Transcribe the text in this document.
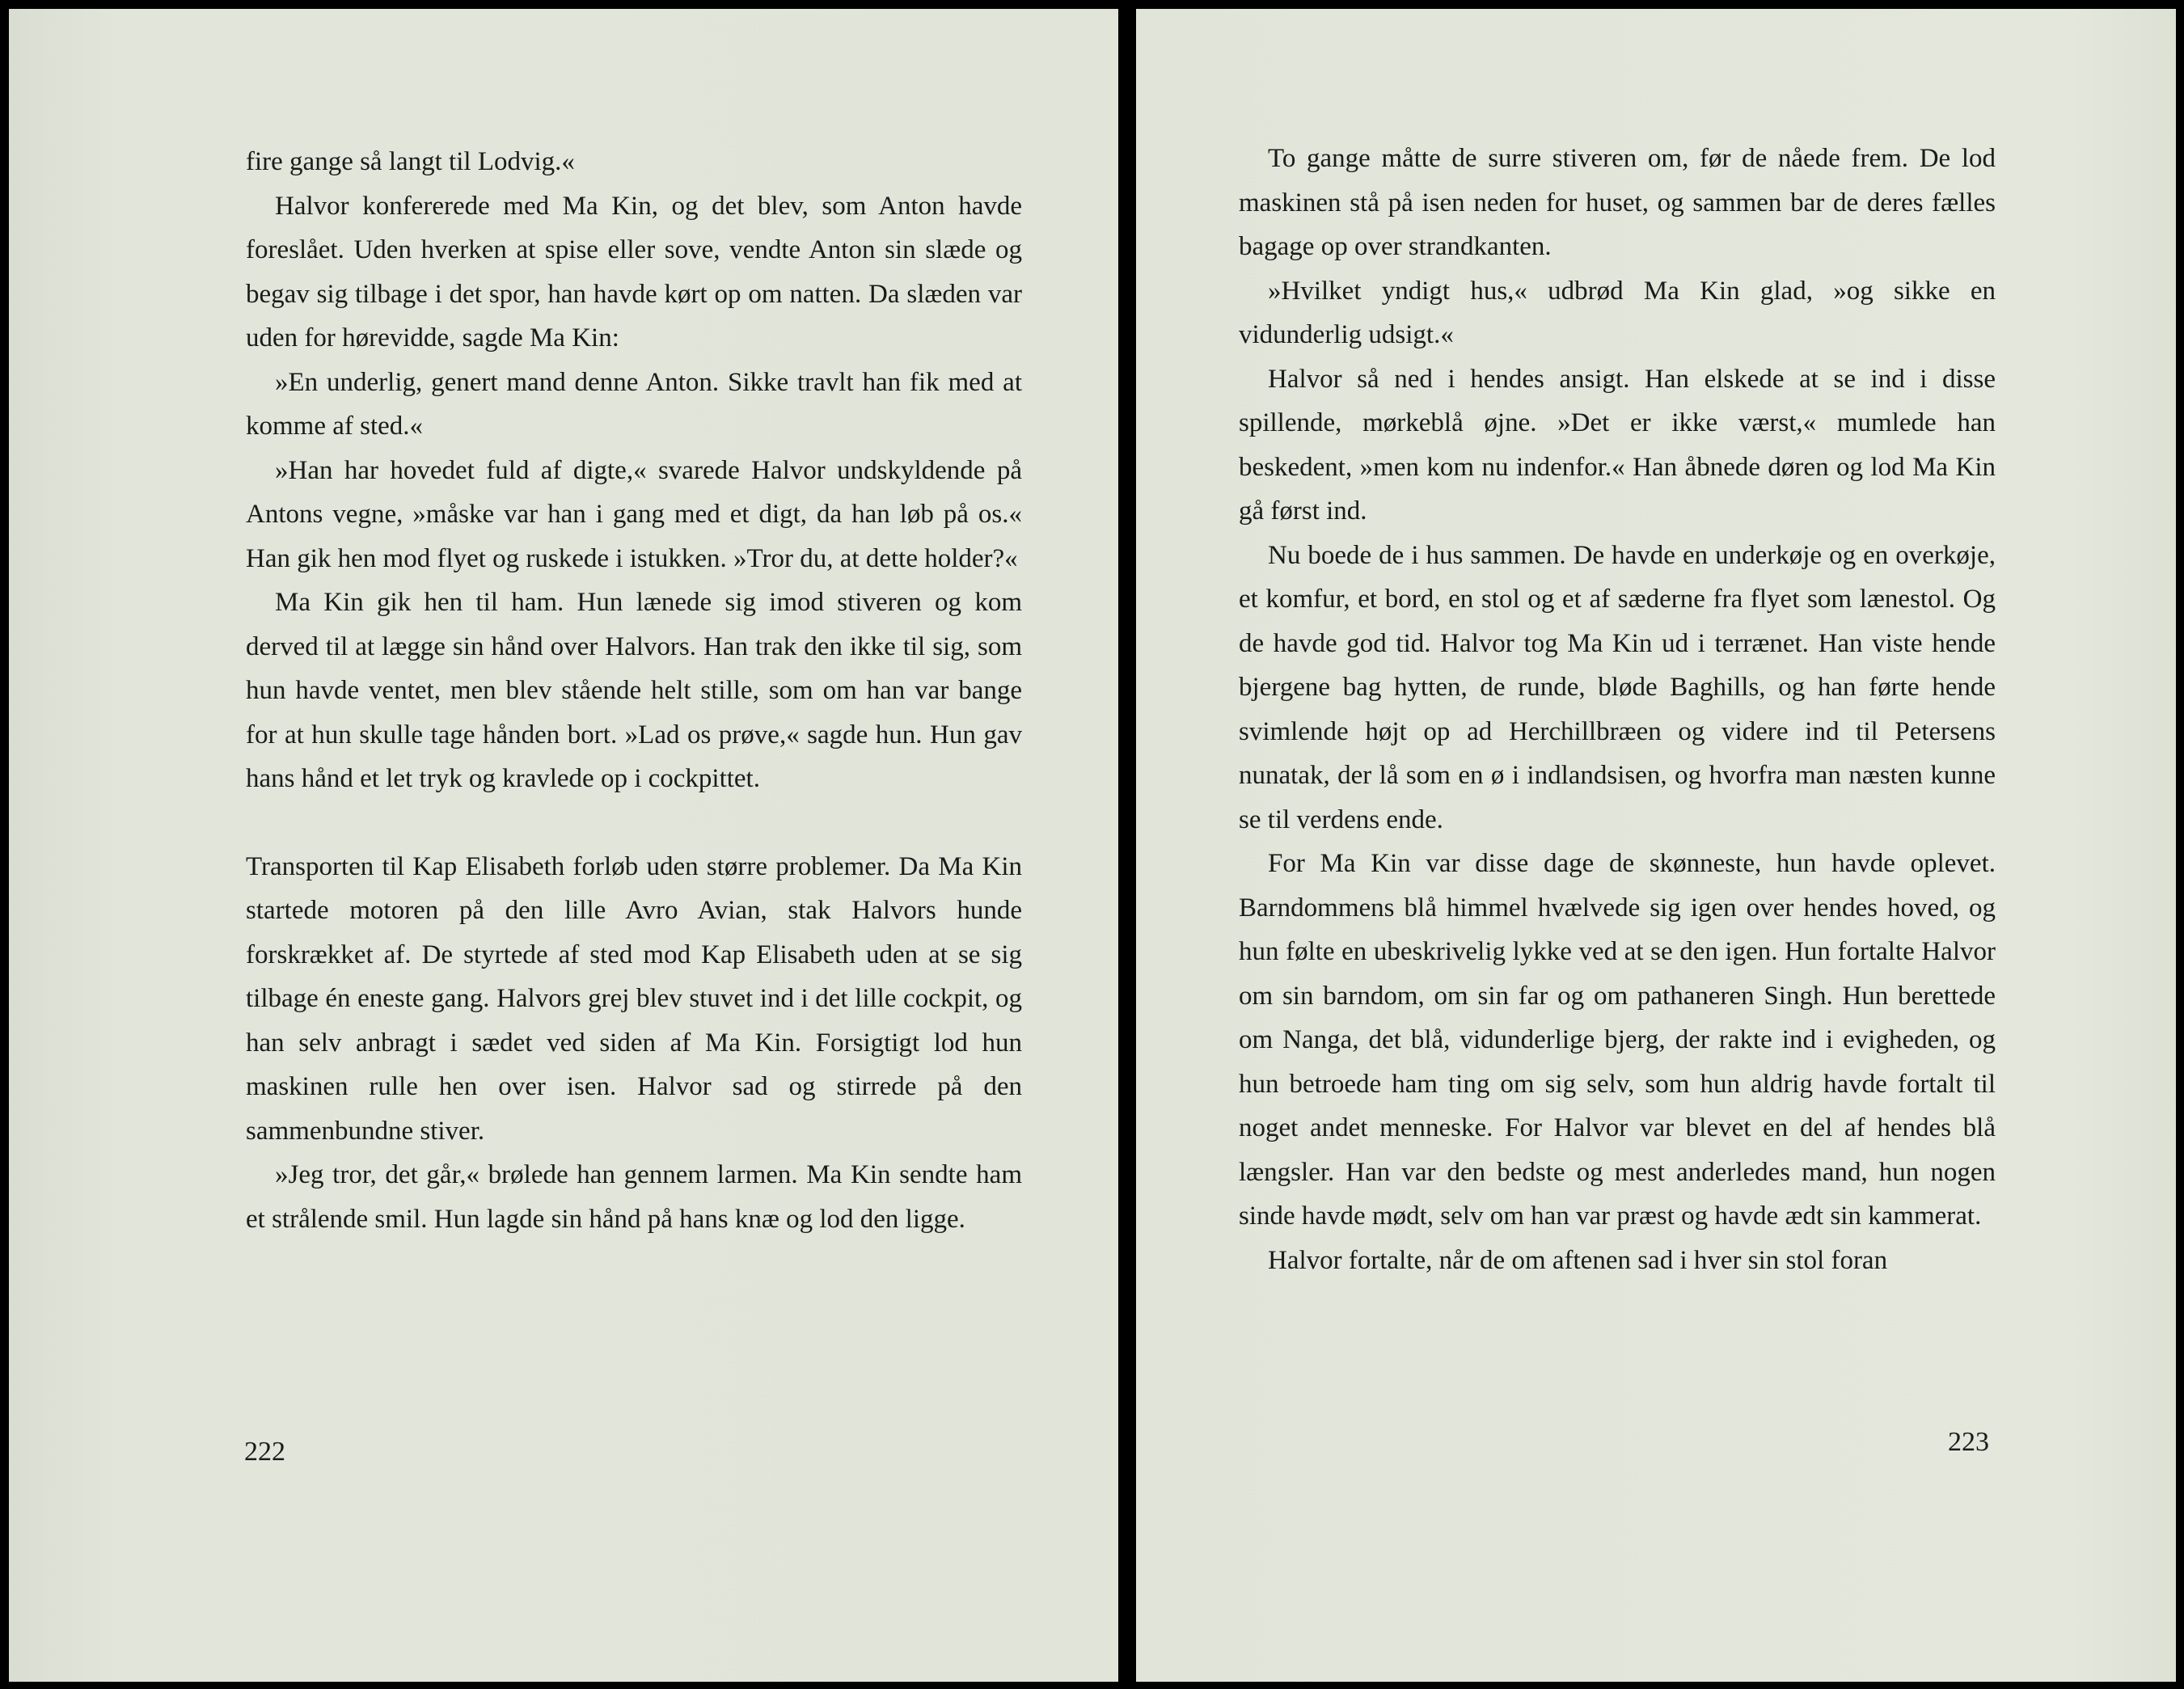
fire gange så langt til Lodvig.«

Halvor konfererede med Ma Kin, og det blev, som Anton havde foreslået. Uden hverken at spise eller sove, vendte Anton sin slæde og begav sig tilbage i det spor, han havde kørt op om natten. Da slæden var uden for hørevidde, sagde Ma Kin:

»En underlig, genert mand denne Anton. Sikke travlt han fik med at komme af sted.«

»Han har hovedet fuld af digte,« svarede Halvor undskyldende på Antons vegne, »måske var han i gang med et digt, da han løb på os.« Han gik hen mod flyet og ruskede i istukken. »Tror du, at dette holder?«

Ma Kin gik hen til ham. Hun lænede sig imod stiveren og kom derved til at lægge sin hånd over Halvors. Han trak den ikke til sig, som hun havde ventet, men blev stående helt stille, som om han var bange for at hun skulle tage hånden bort. »Lad os prøve,« sagde hun. Hun gav hans hånd et let tryk og kravlede op i cockpittet.

Transporten til Kap Elisabeth forløb uden større problemer. Da Ma Kin startede motoren på den lille Avro Avian, stak Halvors hunde forskrækket af. De styrtede af sted mod Kap Elisabeth uden at se sig tilbage én eneste gang. Halvors grej blev stuvet ind i det lille cockpit, og han selv anbragt i sædet ved siden af Ma Kin. Forsigtigt lod hun maskinen rulle hen over isen. Halvor sad og stirrede på den sammenbundne stiver.

»Jeg tror, det går,« brølede han gennem larmen. Ma Kin sendte ham et strålende smil. Hun lagde sin hånd på hans knæ og lod den ligge.

222

To gange måtte de surre stiveren om, før de nåede frem. De lod maskinen stå på isen neden for huset, og sammen bar de deres fælles bagage op over strandkanten.

»Hvilket yndigt hus,« udbrød Ma Kin glad, »og sikke en vidunderlig udsigt.«

Halvor så ned i hendes ansigt. Han elskede at se ind i disse spillende, mørkeblå øjne. »Det er ikke værst,« mumlede han beskedent, »men kom nu indenfor.« Han åbnede døren og lod Ma Kin gå først ind.

Nu boede de i hus sammen. De havde en underkøje og en overkøje, et komfur, et bord, en stol og et af sæderne fra flyet som lænestol. Og de havde god tid. Halvor tog Ma Kin ud i terrænet. Han viste hende bjergene bag hytten, de runde, bløde Baghills, og han førte hende svimlende højt op ad Herchillbræen og videre ind til Petersens nunatak, der lå som en ø i indlandsisen, og hvorfra man næsten kunne se til verdens ende.

For Ma Kin var disse dage de skønneste, hun havde oplevet. Barndommens blå himmel hvælvede sig igen over hendes hoved, og hun følte en ubeskrivelig lykke ved at se den igen. Hun fortalte Halvor om sin barndom, om sin far og om pathaneren Singh. Hun berettede om Nanga, det blå, vidunderlige bjerg, der rakte ind i evigheden, og hun betroede ham ting om sig selv, som hun aldrig havde fortalt til noget andet menneske. For Halvor var blevet en del af hendes blå længsler. Han var den bedste og mest anderledes mand, hun nogen sinde havde mødt, selv om han var præst og havde ædt sin kammerat.

Halvor fortalte, når de om aftenen sad i hver sin stol foran

223
